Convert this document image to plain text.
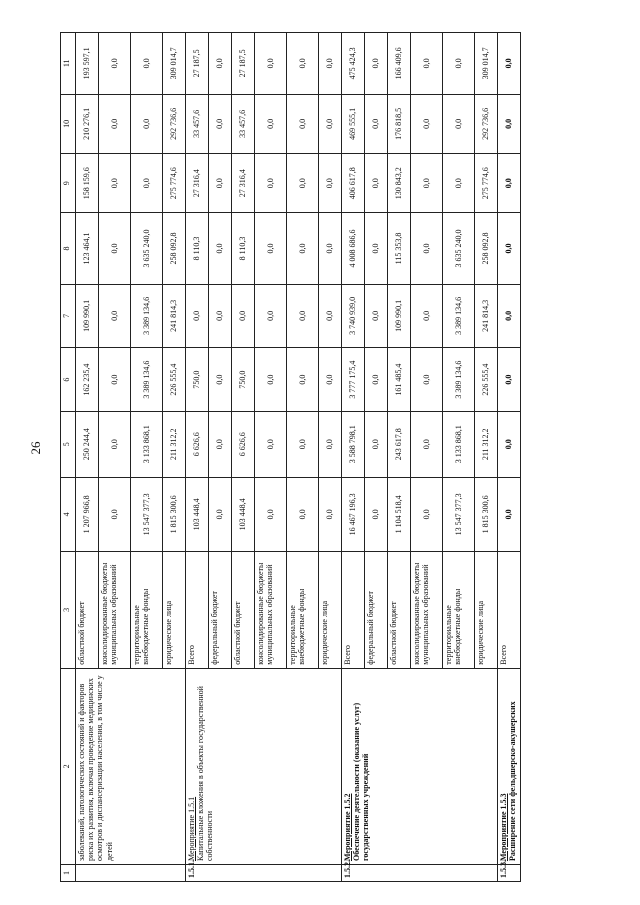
26
1	2	3	4	5	6	7	8	9	10	11

	заболеваний, патологических состояний и факторов риска их развития, включая проведение медицинских осмотров и диспансеризации населения, в том числе у детей	областной бюджет	1 207 966,8	250 244,4	162 235,4	109 990,1	123 464,1	158 159,6	210 276,1	193 597,1
		консолидированные бюджеты муниципальных образований	0,0	0,0	0,0	0,0	0,0	0,0	0,0	0,0
		территориальные внебюджетные фонды	13 547 377,3	3 133 868,1	3 389 134,6	3 389 134,6	3 635 240,0	0,0	0,0	0,0
		юридические лица	1 815 300,6	211 312,2	226 555,4	241 814,3	258 092,8	275 774,6	292 736,6	309 014,7
1.5.1.	Мероприятие 1.5.1 Капитальные вложения в объекты государственной собственности	Всего	103 448,4	6 626,6	750,0	0,0	8 110,3	27 316,4	33 457,6	27 187,5
		федеральный бюджет	0,0	0,0	0,0	0,0	0,0	0,0	0,0	0,0
		областной бюджет	103 448,4	6 626,6	750,0	0,0	8 110,3	27 316,4	33 457,6	27 187,5
		консолидированные бюджеты муниципальных образований	0,0	0,0	0,0	0,0	0,0	0,0	0,0	0,0
		территориальные внебюджетные фонды	0,0	0,0	0,0	0,0	0,0	0,0	0,0	0,0
		юридические лица	0,0	0,0	0,0	0,0	0,0	0,0	0,0	0,0
1.5.2.	Мероприятие 1.5.2 Обеспечение деятельности (оказание услуг) государственных учреждений	Всего	16 467 196,3	3 588 798,1	3 777 175,4	3 740 939,0	4 008 686,6	406 617,8	469 555,1	475 424,3
		федеральный бюджет	0,0	0,0	0,0	0,0	0,0	0,0	0,0	0,0
		областной бюджет	1 104 518,4	243 617,8	161 485,4	109 990,1	115 353,8	130 843,2	176 818,5	166 409,6
		консолидированные бюджеты муниципальных образований	0,0	0,0	0,0	0,0	0,0	0,0	0,0	0,0
		территориальные внебюджетные фонды	13 547 377,3	3 133 868,1	3 389 134,6	3 389 134,6	3 635 240,0	0,0	0,0	0,0
		юридические лица	1 815 300,6	211 312,2	226 555,4	241 814,3	258 092,8	275 774,6	292 736,6	309 014,7
1.5.3.	Мероприятие 1.5.3 Расширение сети фельдшерско-акушерских	Всего	0,0	0,0	0,0	0,0	0,0	0,0	0,0	0,0
